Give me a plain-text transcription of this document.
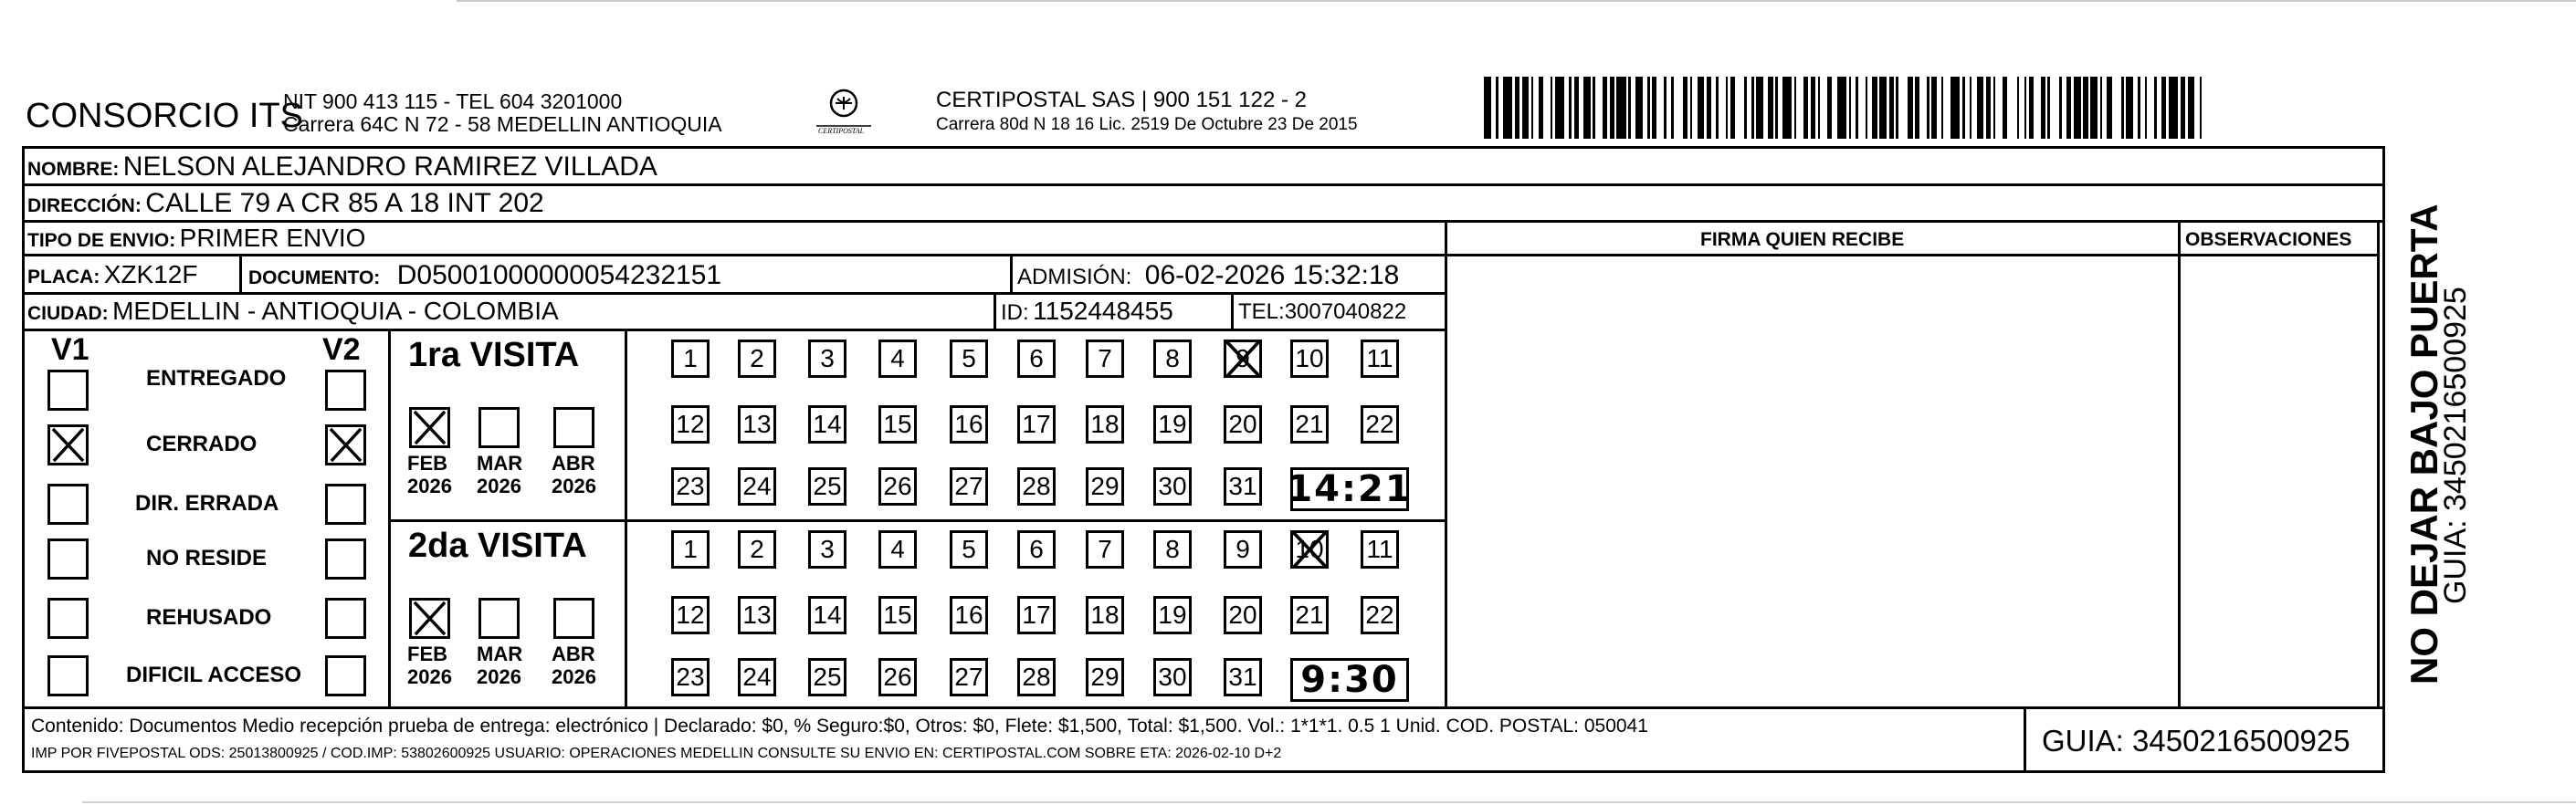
CONSORCIO ITS
NIT 900 413 115 - TEL 604 3201000
Carrera 64C N 72 - 58 MEDELLIN ANTIOQUIA	CERTIPOSTAL
CERTIPOSTAL SAS | 900 151 122 - 2
Carrera 80d N 18 16 Lic. 2519 De Octubre 23 De 2015
NOMBRE: NELSON ALEJANDRO RAMIREZ VILLADA
DIRECCIÓN: CALLE 79 A CR 85 A 18 INT 202
TIPO DE ENVIO: PRIMER ENVIO	FIRMA QUIEN RECIBE	OBSERVACIONES
PLACA: XZK12F	DOCUMENTO: D05001000000054232151	ADMISIÓN: 06-02-2026 15:32:18
CIUDAD: MEDELLIN - ANTIOQUIA - COLOMBIA	ID: 1152448455	TEL:3007040822
V1	V2
ENTREGADO
CERRADO
DIR. ERRADA
NO RESIDE
REHUSADO
DIFICIL ACCESO
1ra VISITA
FEB
2026
MAR
2026
ABR
2026
1 2 3 4 5 6 7 8 9 10 11
12 13 14 15 16 17 18 19 20 21 22
23 24 25 26 27 28 29 30 31 14:21
2da VISITA
FEB
2026
MAR
2026
ABR
2026
1 2 3 4 5 6 7 8 9 10 11
12 13 14 15 16 17 18 19 20 21 22
23 24 25 26 27 28 29 30 31 9:30
Contenido: Documentos Medio recepción prueba de entrega: electrónico | Declarado: $0, % Seguro:$0, Otros: $0, Flete: $1,500, Total: $1,500. Vol.: 1*1*1. 0.5 1 Unid. COD. POSTAL: 050041
IMP POR FIVEPOSTAL ODS: 25013800925 / COD.IMP: 53802600925 USUARIO: OPERACIONES MEDELLIN CONSULTE SU ENVIO EN: CERTIPOSTAL.COM SOBRE ETA: 2026-02-10 D+2	GUIA: 3450216500925
NO DEJAR BAJO PUERTA
GUIA: 3450216500925
